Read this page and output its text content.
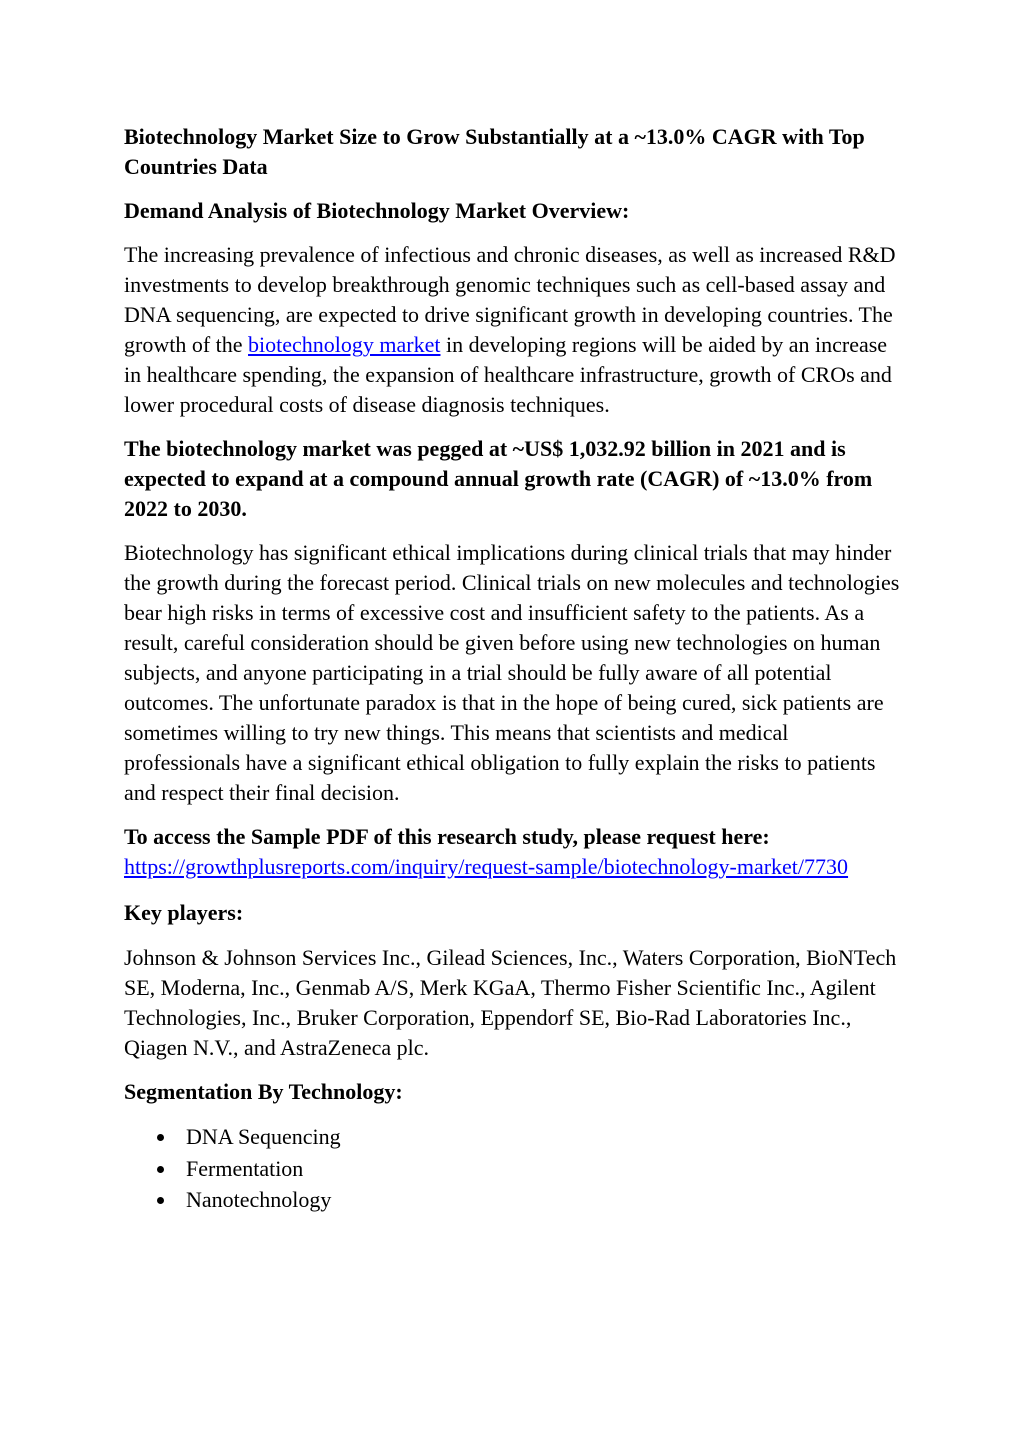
Biotechnology Market Size to Grow Substantially at a ~13.0% CAGR with Top Countries Data

Demand Analysis of Biotechnology Market Overview:

The increasing prevalence of infectious and chronic diseases, as well as increased R&D investments to develop breakthrough genomic techniques such as cell-based assay and DNA sequencing, are expected to drive significant growth in developing countries. The growth of the biotechnology market in developing regions will be aided by an increase in healthcare spending, the expansion of healthcare infrastructure, growth of CROs and lower procedural costs of disease diagnosis techniques.

The biotechnology market was pegged at ~US$ 1,032.92 billion in 2021 and is expected to expand at a compound annual growth rate (CAGR) of ~13.0% from 2022 to 2030.

Biotechnology has significant ethical implications during clinical trials that may hinder the growth during the forecast period. Clinical trials on new molecules and technologies bear high risks in terms of excessive cost and insufficient safety to the patients. As a result, careful consideration should be given before using new technologies on human subjects, and anyone participating in a trial should be fully aware of all potential outcomes. The unfortunate paradox is that in the hope of being cured, sick patients are sometimes willing to try new things. This means that scientists and medical professionals have a significant ethical obligation to fully explain the risks to patients and respect their final decision.

To access the Sample PDF of this research study, please request here:
https://growthplusreports.com/inquiry/request-sample/biotechnology-market/7730

Key players:

Johnson & Johnson Services Inc., Gilead Sciences, Inc., Waters Corporation, BioNTech SE, Moderna, Inc., Genmab A/S, Merk KGaA, Thermo Fisher Scientific Inc., Agilent Technologies, Inc., Bruker Corporation, Eppendorf SE, Bio-Rad Laboratories Inc., Qiagen N.V., and AstraZeneca plc.

Segmentation By Technology:

DNA Sequencing
Fermentation
Nanotechnology
